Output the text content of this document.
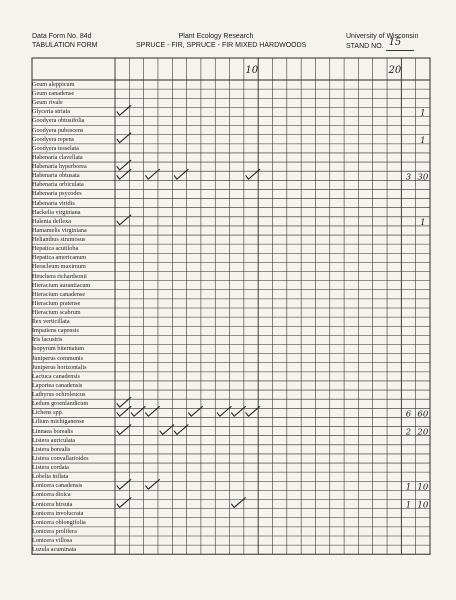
Data Form No. 84d
TABULATION FORM
Plant Ecology Research
SPRUCE - FIR, SPRUCE - FIR MIXED HARDWOODS
University of Wisconsin
STAND NO. 15
10	20
1
1
3 30
1
6 60
2 20
1 10
1 10
Geum aleppicum
Geum canadense
Geum rivale
Glyceria striata
Goodyera obtusifolia
Goodyera pubescens
Goodyera repens
Goodyera tesselata
Habenaria clavellata
Habenaria hyperborea
Habenaria obtusata
Habenaria orbiculata
Habenaria psycodes
Habenaria viridis
Hackelia virginiana
Halenia deflexa
Hamamelis virginiana
Helianthus strumosus
Hepatica acutiloba
Hepatica americanum
Heracleum maximum
Heuchera richardsonii
Hieracium aurantiacum
Hieracium canadense
Hieracium pratense
Hieracium scabrum
Ilex verticillata
Impatiens capensis
Iris lacustris
Isopyrum biternatum
Juniperus communis
Juniperus horizontalis
Lactuca canadensis
Laportea canadensis
Lathyrus ochroleucus
Ledum groenlandicum
Lichens spp.
Lilium michiganense
Linnaea borealis
Listera auriculata
Listera borealis
Listera convallarioides
Listera cordata
Lobelia inflata
Lonicera canadensis
Lonicera dioica
Lonicera hirsuta
Lonicera involucrata
Lonicera oblongifolia
Lonicera prolifera
Lonicera villosa
Luzula acuminata
